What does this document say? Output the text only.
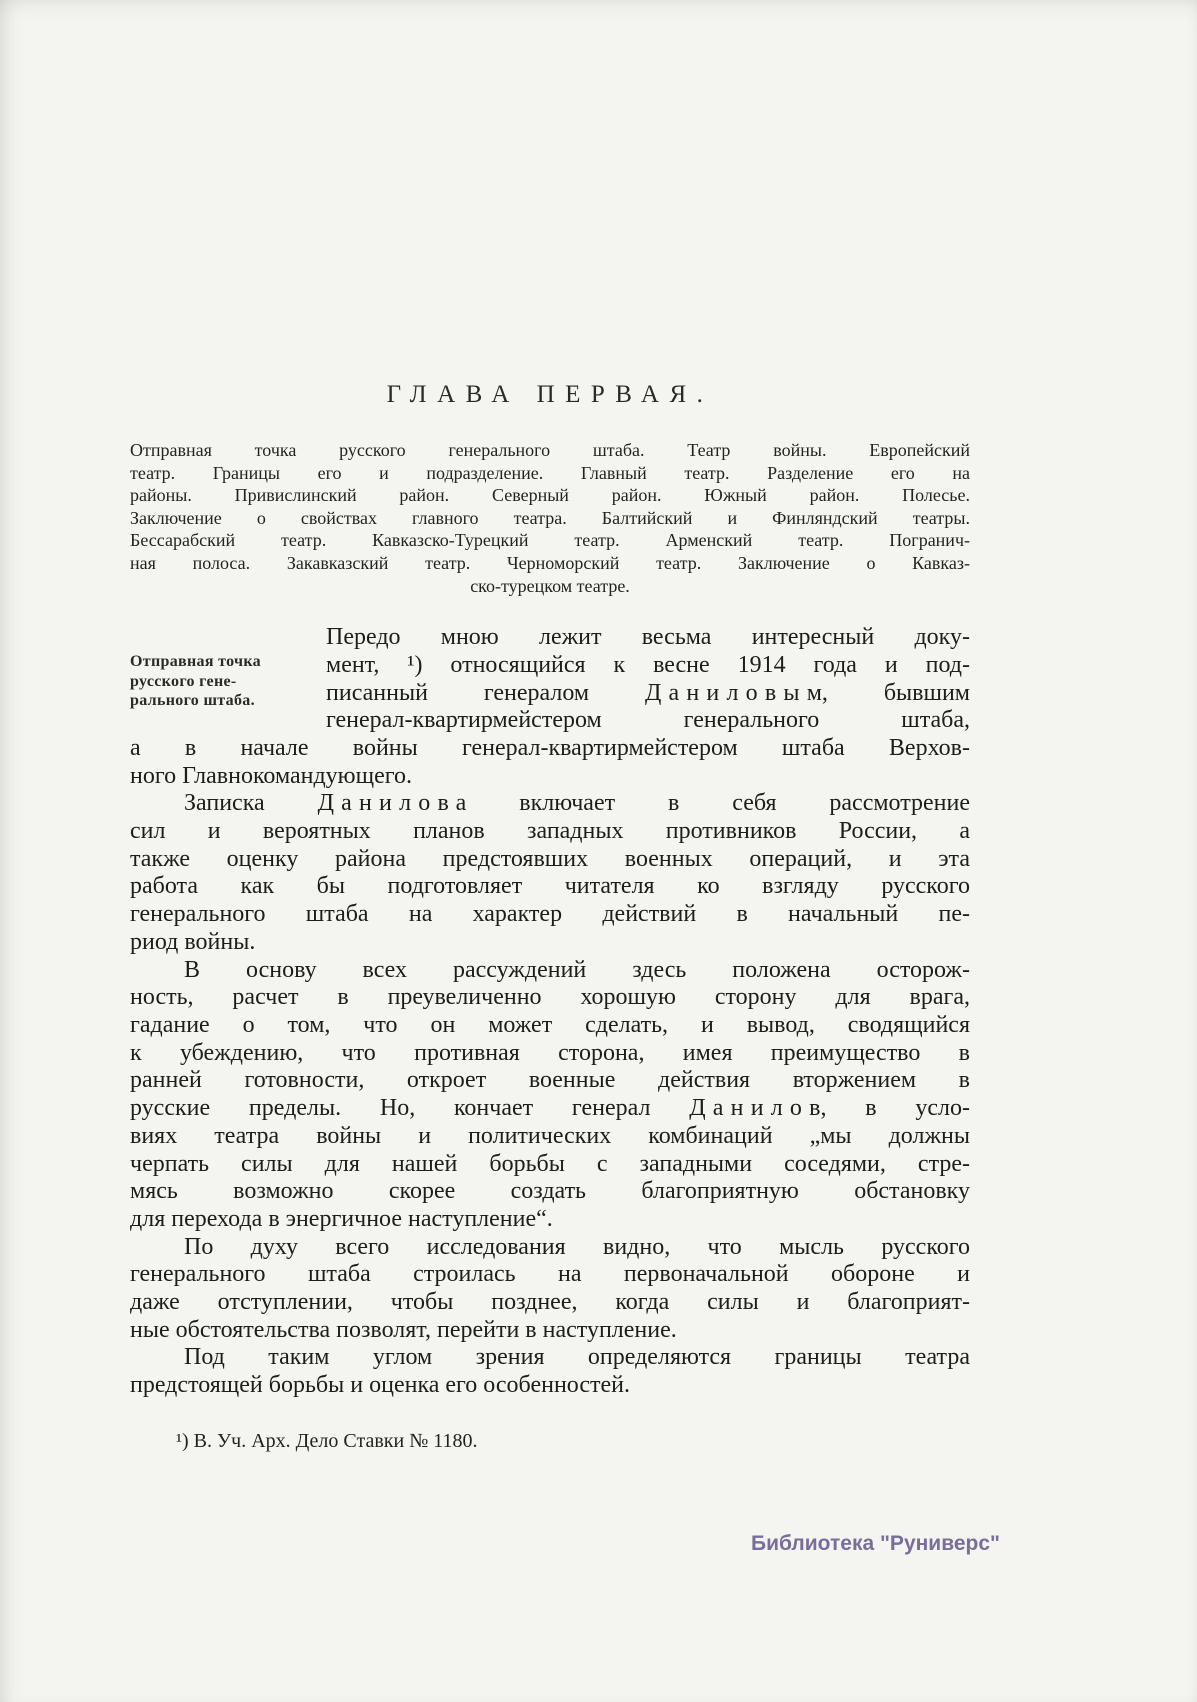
ГЛАВА ПЕРВАЯ.
Отправная точка русского генерального штаба. Театр войны. Европейский
театр. Границы его и подразделение. Главный театр. Разделение его на
районы. Привислинский район. Северный район. Южный район. Полесье.
Заключение о свойствах главного театра. Балтийский и Финляндский театры.
Бессарабский театр. Кавказско-Турецкий театр. Арменский театр. Погранич-
ная полоса. Закавказский театр. Черноморский театр. Заключение о Кавказ-
ско-турецком театре.
Отправная точка
русского гене-
рального штаба.
Передо мною лежит весьма интересный доку-
мент, ¹) относящийся к весне 1914 года и под-
писанный генералом Даниловым, бывшим
генерал-квартирмейстером генерального штаба,
а в начале войны генерал-квартирмейстером штаба Верхов-
ного Главнокомандующего.
Записка Данилова включает в себя рассмотрение
сил и вероятных планов западных противников России, а
также оценку района предстоявших военных операций, и эта
работа как бы подготовляет читателя ко взгляду русского
генерального штаба на характер действий в начальный пе-
риод войны.
В основу всех рассуждений здесь положена осторож-
ность, расчет в преувеличенно хорошую сторону для врага,
гадание о том, что он может сделать, и вывод, сводящийся
к убеждению, что противная сторона, имея преимущество в
ранней готовности, откроет военные действия вторжением в
русские пределы. Но, кончает генерал Данилов, в усло-
виях театра войны и политических комбинаций „мы должны
черпать силы для нашей борьбы с западными соседями, стре-
мясь возможно скорее создать благоприятную обстановку
для перехода в энергичное наступление“.
По духу всего исследования видно, что мысль русского
генерального штаба строилась на первоначальной обороне и
даже отступлении, чтобы позднее, когда силы и благоприят-
ные обстоятельства позволят, перейти в наступление.
Под таким углом зрения определяются границы театра
предстоящей борьбы и оценка его особенностей.
¹) В. Уч. Арх. Дело Ставки № 1180.
Библиотека "Руниверс"
